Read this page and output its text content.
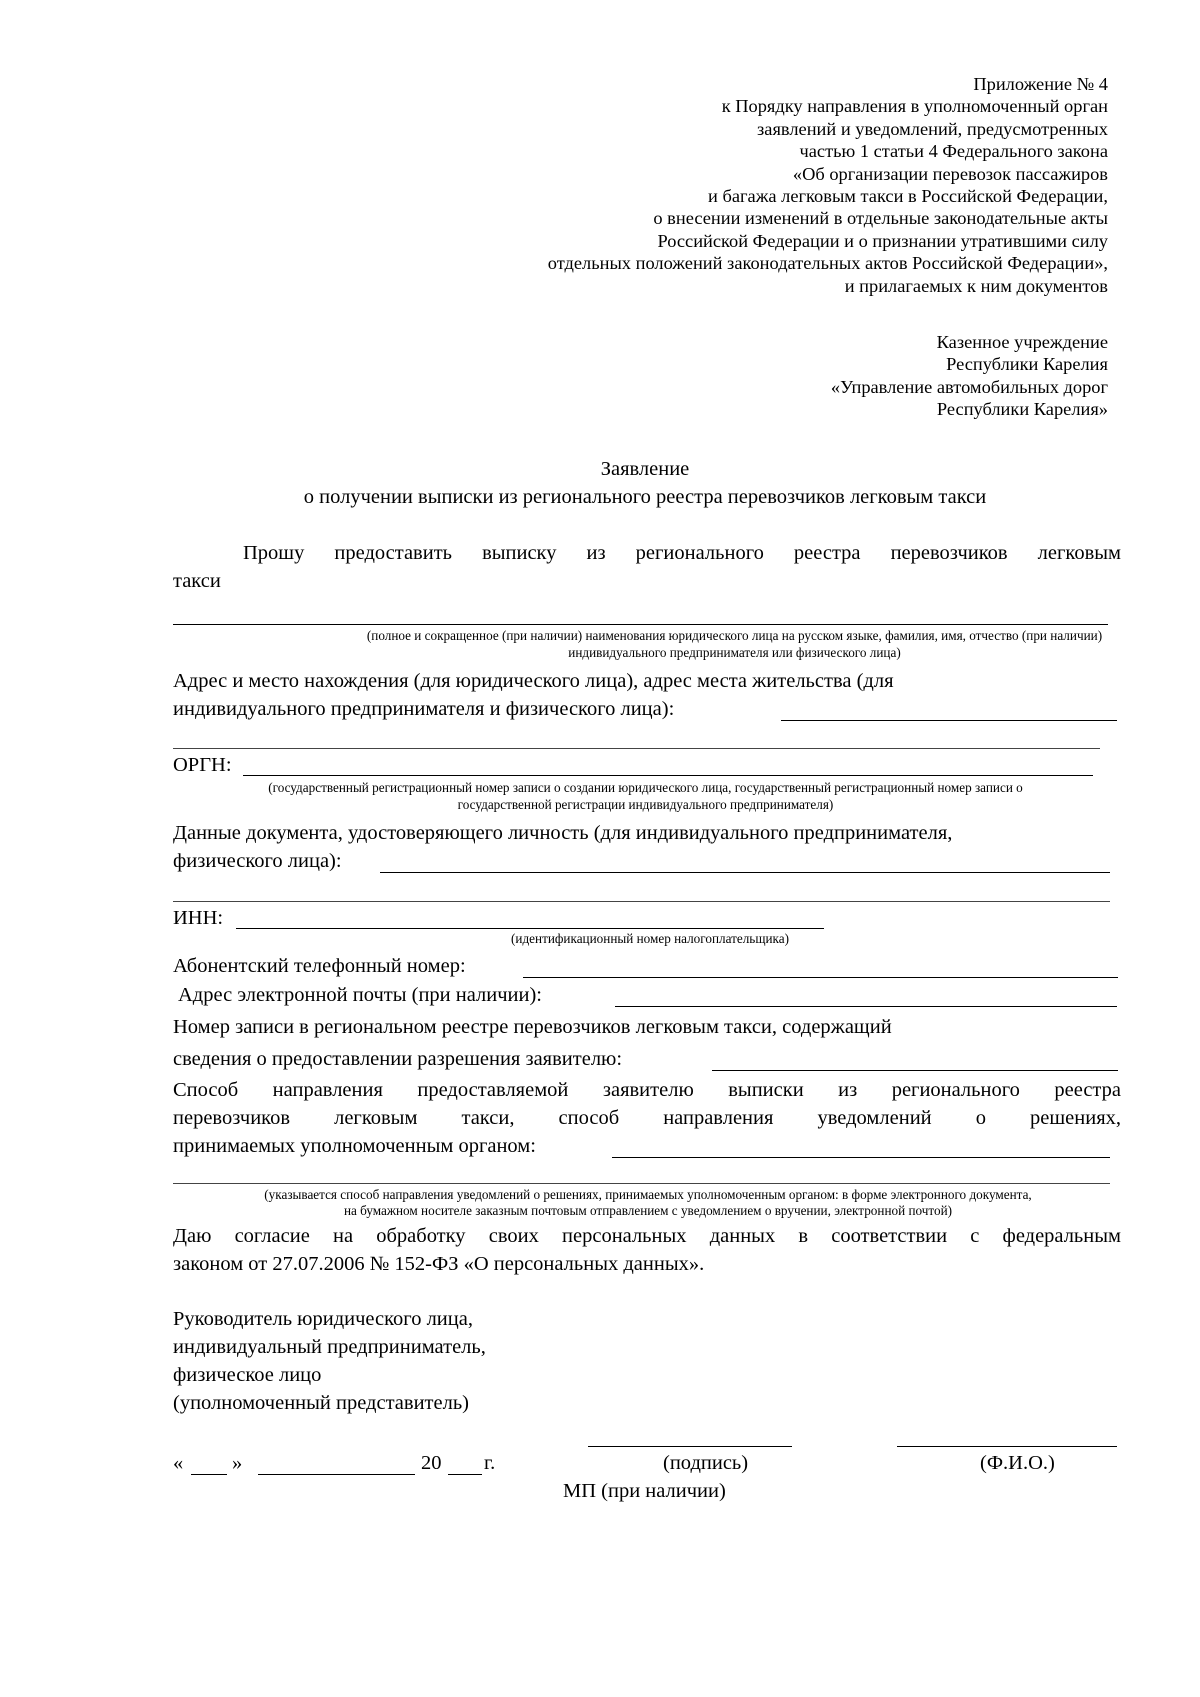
Приложение № 4
к Порядку направления в уполномоченный орган
заявлений и уведомлений, предусмотренных
частью 1 статьи 4 Федерального закона
«Об организации перевозок пассажиров
и багажа легковым такси в Российской Федерации,
о внесении изменений в отдельные законодательные акты
Российской Федерации и о признании утратившими силу
отдельных положений законодательных актов Российской Федерации»,
и прилагаемых к ним документов
Казенное учреждение
Республики Карелия
«Управление автомобильных дорог
Республики Карелия»
Заявление
о получении выписки из регионального реестра перевозчиков легковым такси
Прошу предоставить выписку из регионального реестра перевозчиков легковым
такси
(полное и сокращенное (при наличии) наименования юридического лица на русском языке, фамилия, имя, отчество (при наличии)
индивидуального предпринимателя или физического лица)
Адрес и место нахождения (для юридического лица), адрес места жительства (для
индивидуального предпринимателя и физического лица):
ОРГН:
(государственный регистрационный номер записи о создании юридического лица, государственный регистрационный номер записи о
государственной регистрации индивидуального предпринимателя)
Данные документа, удостоверяющего личность (для индивидуального предпринимателя,
физического лица):
ИНН:
(идентификационный номер налогоплательщика)
Абонентский телефонный номер:
Адрес электронной почты (при наличии):
Номер записи в региональном реестре перевозчиков легковым такси, содержащий
сведения о предоставлении разрешения заявителю:
Способ направления предоставляемой заявителю выписки из регионального реестра
перевозчиков легковым такси, способ направления уведомлений о решениях,
принимаемых уполномоченным органом:
(указывается способ направления уведомлений о решениях, принимаемых уполномоченным органом: в форме электронного документа,
на бумажном носителе заказным почтовым отправлением с уведомлением о вручении, электронной почтой)
Даю согласие на обработку своих персональных данных в соответствии с федеральным
законом от 27.07.2006 № 152-ФЗ «О персональных данных».
Руководитель юридического лица,
индивидуальный предприниматель,
физическое лицо
(уполномоченный представитель)
« »	20 г.	(подпись)	(Ф.И.О.)
МП (при наличии)
